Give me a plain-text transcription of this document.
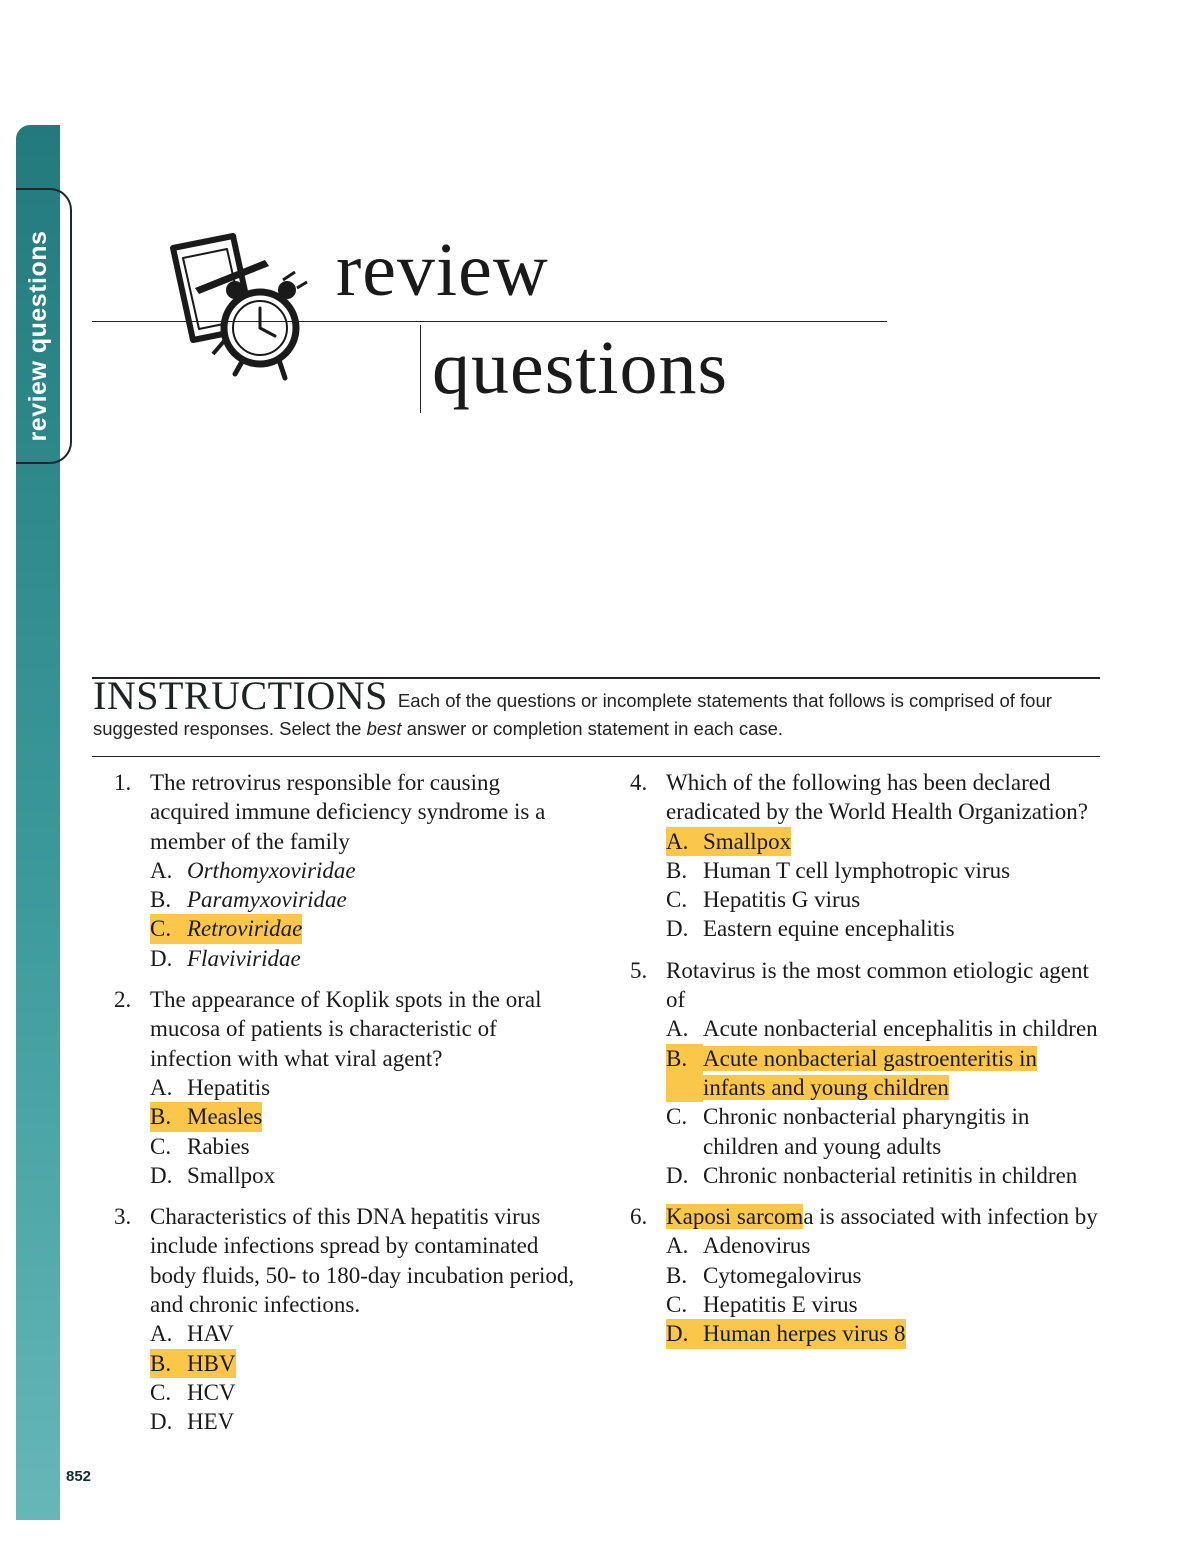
review questions
852
review
questions
INSTRUCTIONS Each of the questions or incomplete statements that follows is comprised of four suggested responses. Select the best answer or completion statement in each case.
1. The retrovirus responsible for causing acquired immune deficiency syndrome is a member of the family
A. Orthomyxoviridae
B. Paramyxoviridae
C. Retroviridae
D. Flaviviridae
2. The appearance of Koplik spots in the oral mucosa of patients is characteristic of infection with what viral agent?
A. Hepatitis
B. Measles
C. Rabies
D. Smallpox
3. Characteristics of this DNA hepatitis virus include infections spread by contaminated body fluids, 50- to 180-day incubation period, and chronic infections.
A. HAV
B. HBV
C. HCV
D. HEV
4. Which of the following has been declared eradicated by the World Health Organization?
A. Smallpox
B. Human T cell lymphotropic virus
C. Hepatitis G virus
D. Eastern equine encephalitis
5. Rotavirus is the most common etiologic agent of
A. Acute nonbacterial encephalitis in children
B. Acute nonbacterial gastroenteritis in infants and young children
C. Chronic nonbacterial pharyngitis in children and young adults
D. Chronic nonbacterial retinitis in children
6. Kaposi sarcoma is associated with infection by
A. Adenovirus
B. Cytomegalovirus
C. Hepatitis E virus
D. Human herpes virus 8
